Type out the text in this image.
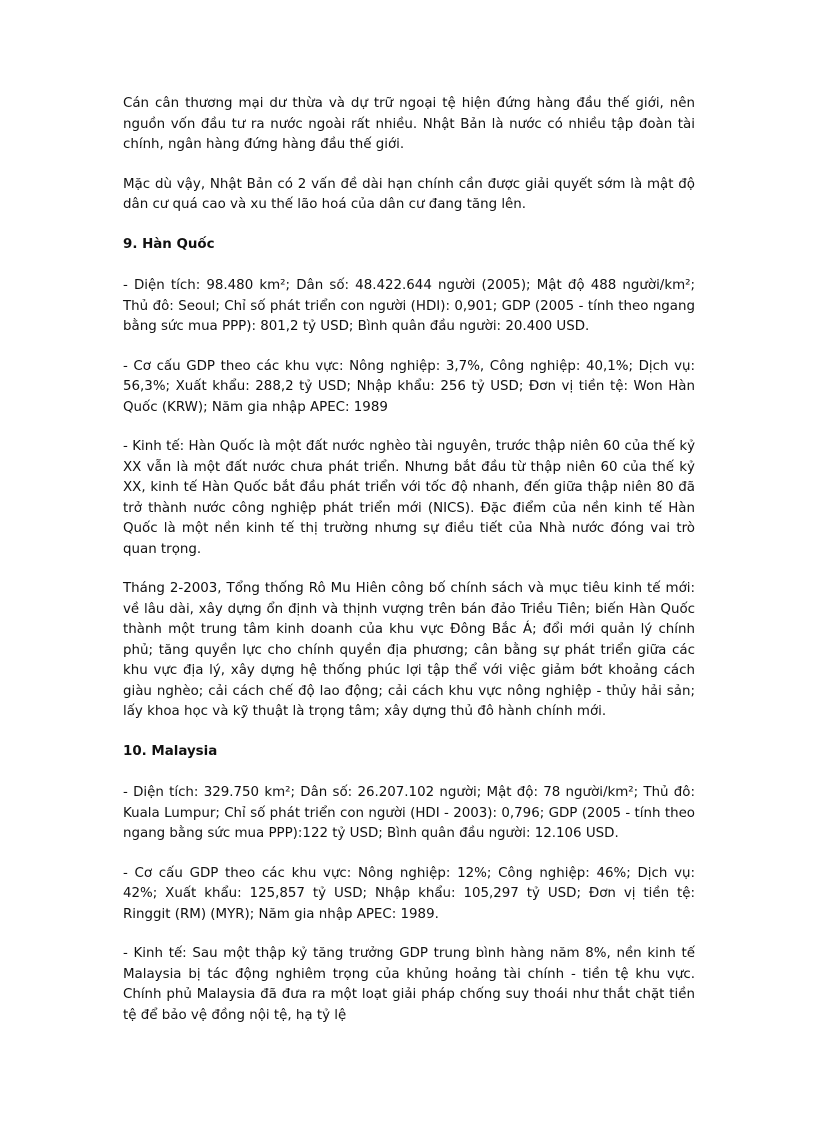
Cán cân thương mại dư thừa và dự trữ ngoại tệ hiện đứng hàng đầu thế giới, nên nguồn vốn đầu tư ra nước ngoài rất nhiều. Nhật Bản là nước có nhiều tập đoàn tài chính, ngân hàng đứng hàng đầu thế giới.

Mặc dù vậy, Nhật Bản có 2 vấn đề dài hạn chính cần được giải quyết sớm là mật độ dân cư quá cao và xu thế lão hoá của dân cư đang tăng lên.

9. Hàn Quốc

- Diện tích: 98.480 km²; Dân số: 48.422.644 người (2005); Mật độ 488 người/km²; Thủ đô: Seoul; Chỉ số phát triển con người (HDI): 0,901; GDP (2005 - tính theo ngang bằng sức mua PPP): 801,2 tỷ USD; Bình quân đầu người: 20.400 USD.

- Cơ cấu GDP theo các khu vực: Nông nghiệp: 3,7%, Công nghiệp: 40,1%; Dịch vụ: 56,3%; Xuất khẩu: 288,2 tỷ USD; Nhập khẩu: 256 tỷ USD; Đơn vị tiền tệ: Won Hàn Quốc (KRW); Năm gia nhập APEC: 1989

- Kinh tế: Hàn Quốc là một đất nước nghèo tài nguyên, trước thập niên 60 của thế kỷ XX vẫn là một đất nước chưa phát triển. Nhưng bắt đầu từ thập niên 60 của thế kỷ XX, kinh tế Hàn Quốc bắt đầu phát triển với tốc độ nhanh, đến giữa thập niên 80 đã trở thành nước công nghiệp phát triển mới (NICS). Đặc điểm của nền kinh tế Hàn Quốc là một nền kinh tế thị trường nhưng sự điều tiết của Nhà nước đóng vai trò quan trọng.

Tháng 2-2003, Tổng thống Rô Mu Hiên công bố chính sách và mục tiêu kinh tế mới: về lâu dài, xây dựng ổn định và thịnh vượng trên bán đảo Triều Tiên; biến Hàn Quốc thành một trung tâm kinh doanh của khu vực Đông Bắc Á; đổi mới quản lý chính phủ; tăng quyền lực cho chính quyền địa phương; cân bằng sự phát triển giữa các khu vực địa lý, xây dựng hệ thống phúc lợi tập thể với việc giảm bớt khoảng cách giàu nghèo; cải cách chế độ lao động; cải cách khu vực nông nghiệp - thủy hải sản; lấy khoa học và kỹ thuật là trọng tâm; xây dựng thủ đô hành chính mới.

10. Malaysia

- Diện tích: 329.750 km²; Dân số: 26.207.102 người; Mật độ: 78 người/km²; Thủ đô: Kuala Lumpur; Chỉ số phát triển con người (HDI - 2003): 0,796; GDP (2005 - tính theo ngang bằng sức mua PPP):122 tỷ USD; Bình quân đầu người: 12.106 USD.

- Cơ cấu GDP theo các khu vực: Nông nghiệp: 12%; Công nghiệp: 46%; Dịch vụ: 42%; Xuất khẩu: 125,857 tỷ USD; Nhập khẩu: 105,297 tỷ USD; Đơn vị tiền tệ: Ringgit (RM) (MYR); Năm gia nhập APEC: 1989.

- Kinh tế: Sau một thập kỷ tăng trưởng GDP trung bình hàng năm 8%, nền kinh tế Malaysia bị tác động nghiêm trọng của khủng hoảng tài chính - tiền tệ khu vực. Chính phủ Malaysia đã đưa ra một loạt giải pháp chống suy thoái như thắt chặt tiền tệ để bảo vệ đồng nội tệ, hạ tỷ lệ
